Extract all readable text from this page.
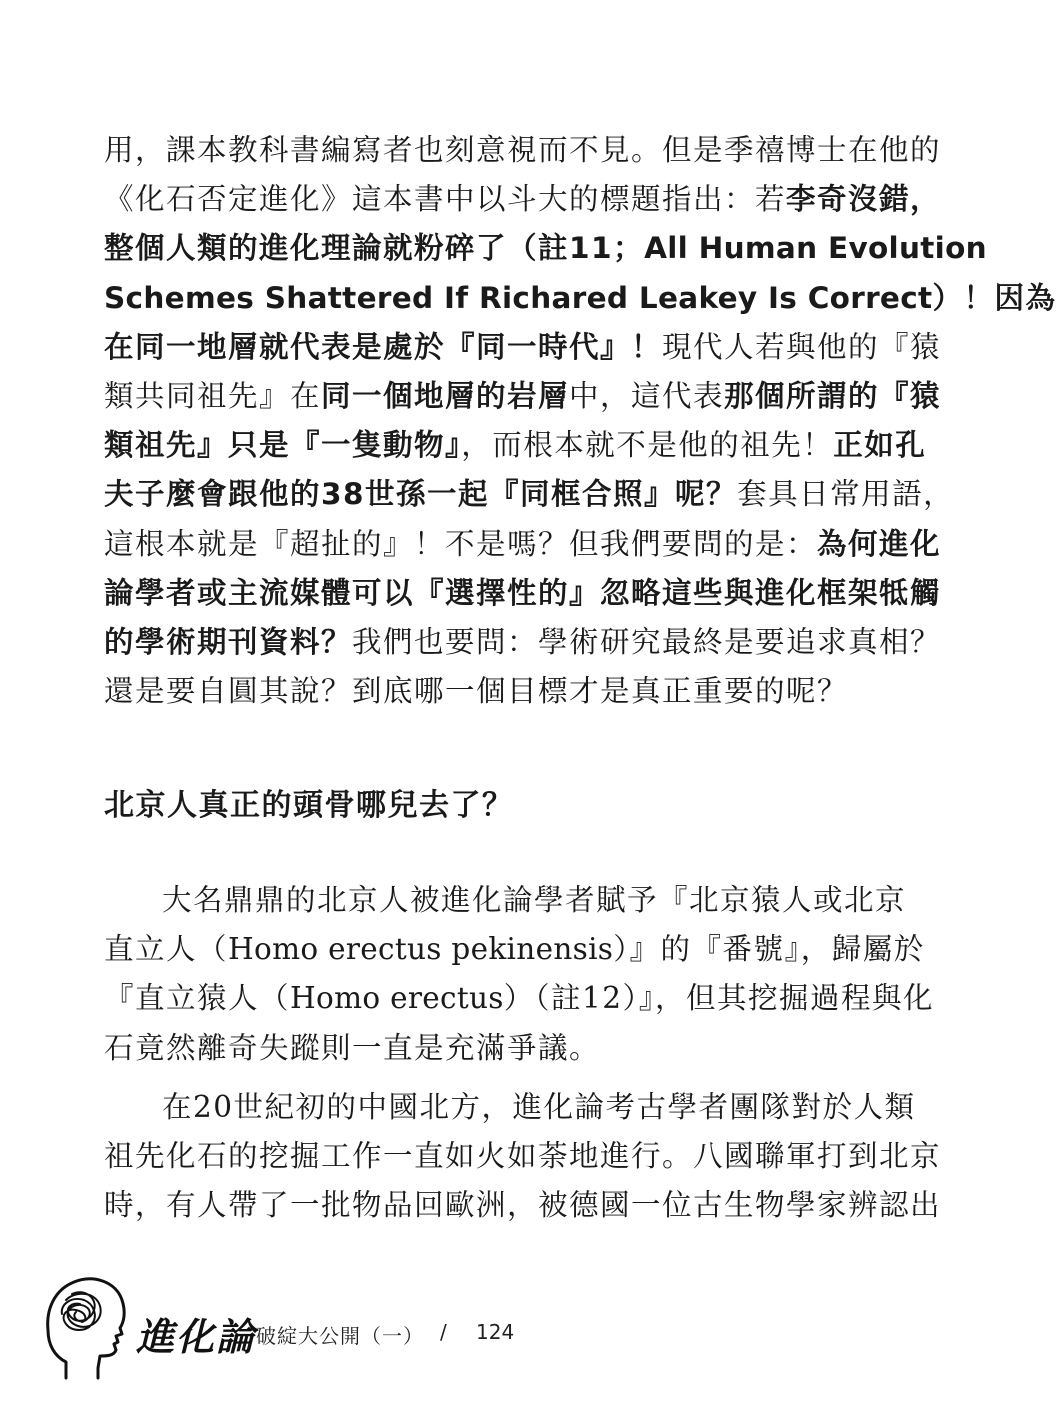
用，課本教科書編寫者也刻意視而不見。但是季禧博士在他的

《化石否定進化》這本書中以斗大的標題指出：若李奇沒錯，

整個人類的進化理論就粉碎了（註11；All Human Evolution

Schemes Shattered If Richared Leakey Is Correct）！因為

在同一地層就代表是處於『同一時代』！現代人若與他的『猿

類共同祖先』在同一個地層的岩層中，這代表那個所謂的『猿

類祖先』只是『一隻動物』，而根本就不是他的祖先！正如孔

夫子麼會跟他的38世孫一起『同框合照』呢？套具日常用語，

這根本就是『超扯的』！不是嗎？但我們要問的是：為何進化

論學者或主流媒體可以『選擇性的』忽略這些與進化框架牴觸

的學術期刊資料？我們也要問：學術研究最終是要追求真相？

還是要自圓其說？到底哪一個目標才是真正重要的呢？

北京人真正的頭骨哪兒去了？

大名鼎鼎的北京人被進化論學者賦予『北京猿人或北京

直立人（Homo erectus pekinensis）』的『番號』，歸屬於

『直立猿人（Homo erectus）（註12）』，但其挖掘過程與化

石竟然離奇失蹤則一直是充滿爭議。

在20世紀初的中國北方，進化論考古學者團隊對於人類

祖先化石的挖掘工作一直如火如荼地進行。八國聯軍打到北京

時，有人帶了一批物品回歐洲，被德國一位古生物學家辨認出

進化論 破綻大公開（一） / 124
